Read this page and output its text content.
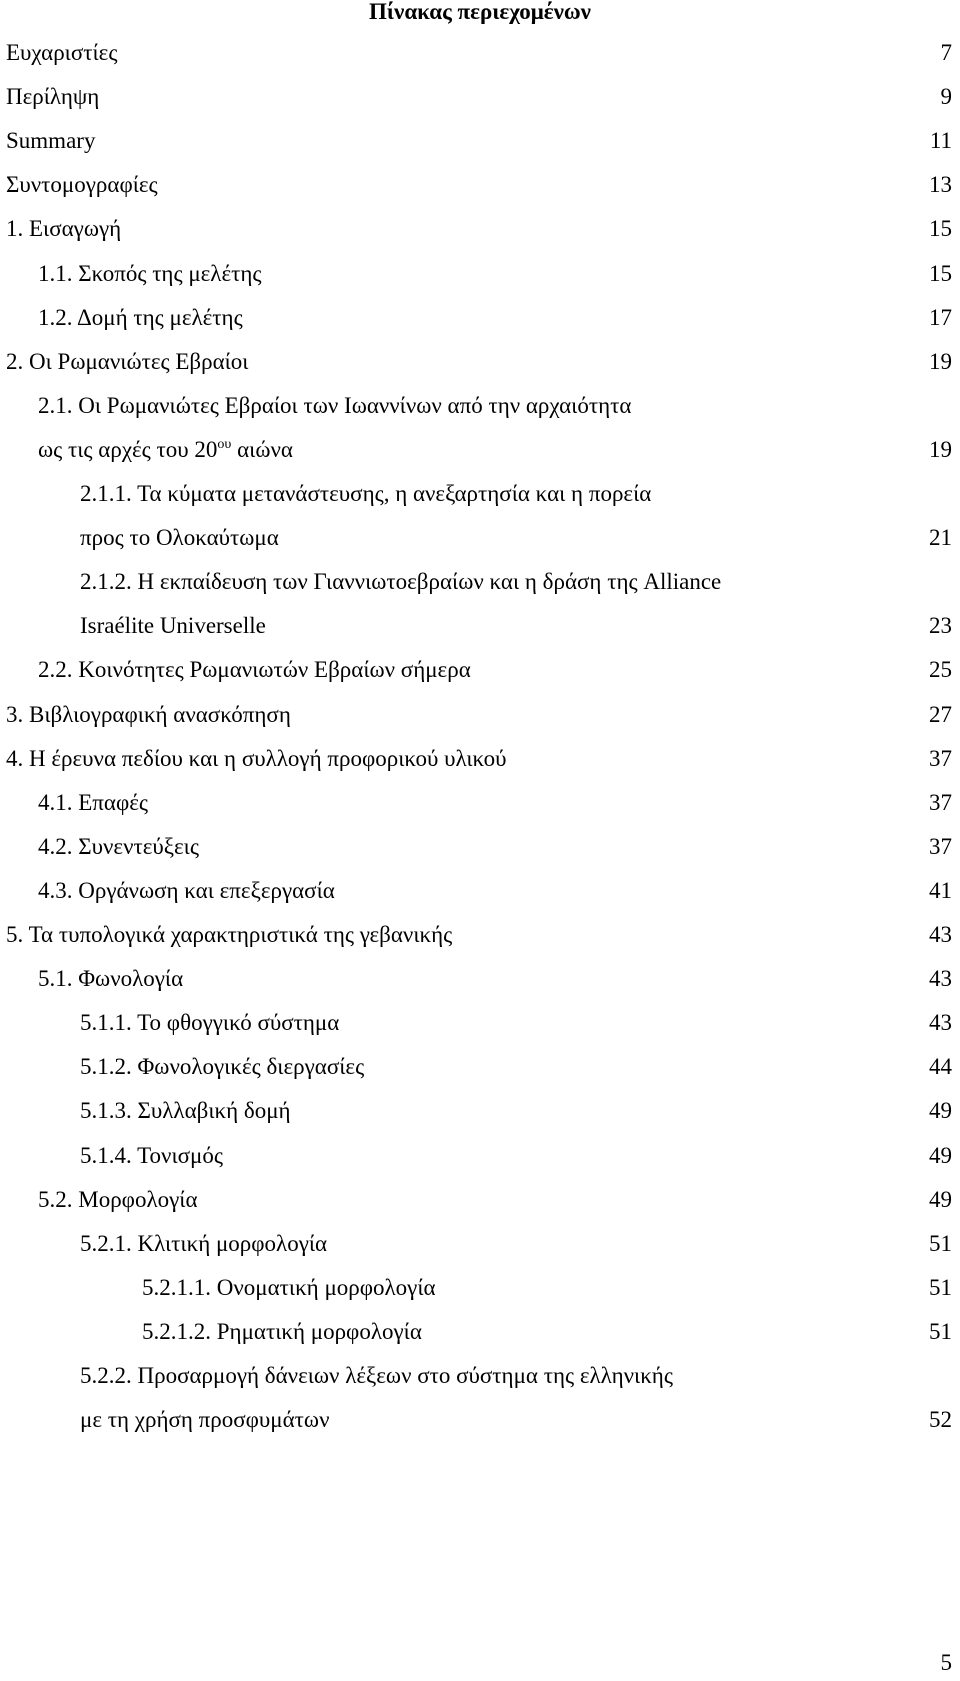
Πίνακας περιεχομένων
Ευχαριστίες	7
Περίληψη	9
Summary	11
Συντομογραφίες	13
1. Εισαγωγή	15
1.1. Σκοπός της μελέτης	15
1.2. Δομή της μελέτης	17
2. Οι Ρωμανιώτες Εβραίοι	19
2.1. Οι Ρωμανιώτες Εβραίοι των Ιωαννίνων από την αρχαιότητα
ως τις αρχές του $20^{o\upsilon}$ αιώνα	19
2.1.1. Τα κύματα μετανάστευσης, η ανεξαρτησία και η πορεία
προς το Ολοκαύτωμα	21
2.1.2. Η εκπαίδευση των Γιαννιωτοεβραίων και η δράση της Alliance
Israélite Universelle	23
2.2. Κοινότητες Ρωμανιωτών Εβραίων σήμερα	25
3. Βιβλιογραφική ανασκόπηση	27
4. Η έρευνα πεδίου και η συλλογή προφορικού υλικού	37
4.1. Επαφές	37
4.2. Συνεντεύξεις	37
4.3. Οργάνωση και επεξεργασία	41
5. Τα τυπολογικά χαρακτηριστικά της γεβανικής	43
5.1. Φωνολογία	43
5.1.1. Το φθογγικό σύστημα	43
5.1.2. Φωνολογικές διεργασίες	44
5.1.3. Συλλαβική δομή	49
5.1.4. Τονισμός	49
5.2. Μορφολογία	49
5.2.1. Κλιτική μορφολογία	51
5.2.1.1. Ονοματική μορφολογία	51
5.2.1.2. Ρηματική μορφολογία	51
5.2.2. Προσαρμογή δάνειων λέξεων στο σύστημα της ελληνικής
με τη χρήση προσφυμάτων	52
5
